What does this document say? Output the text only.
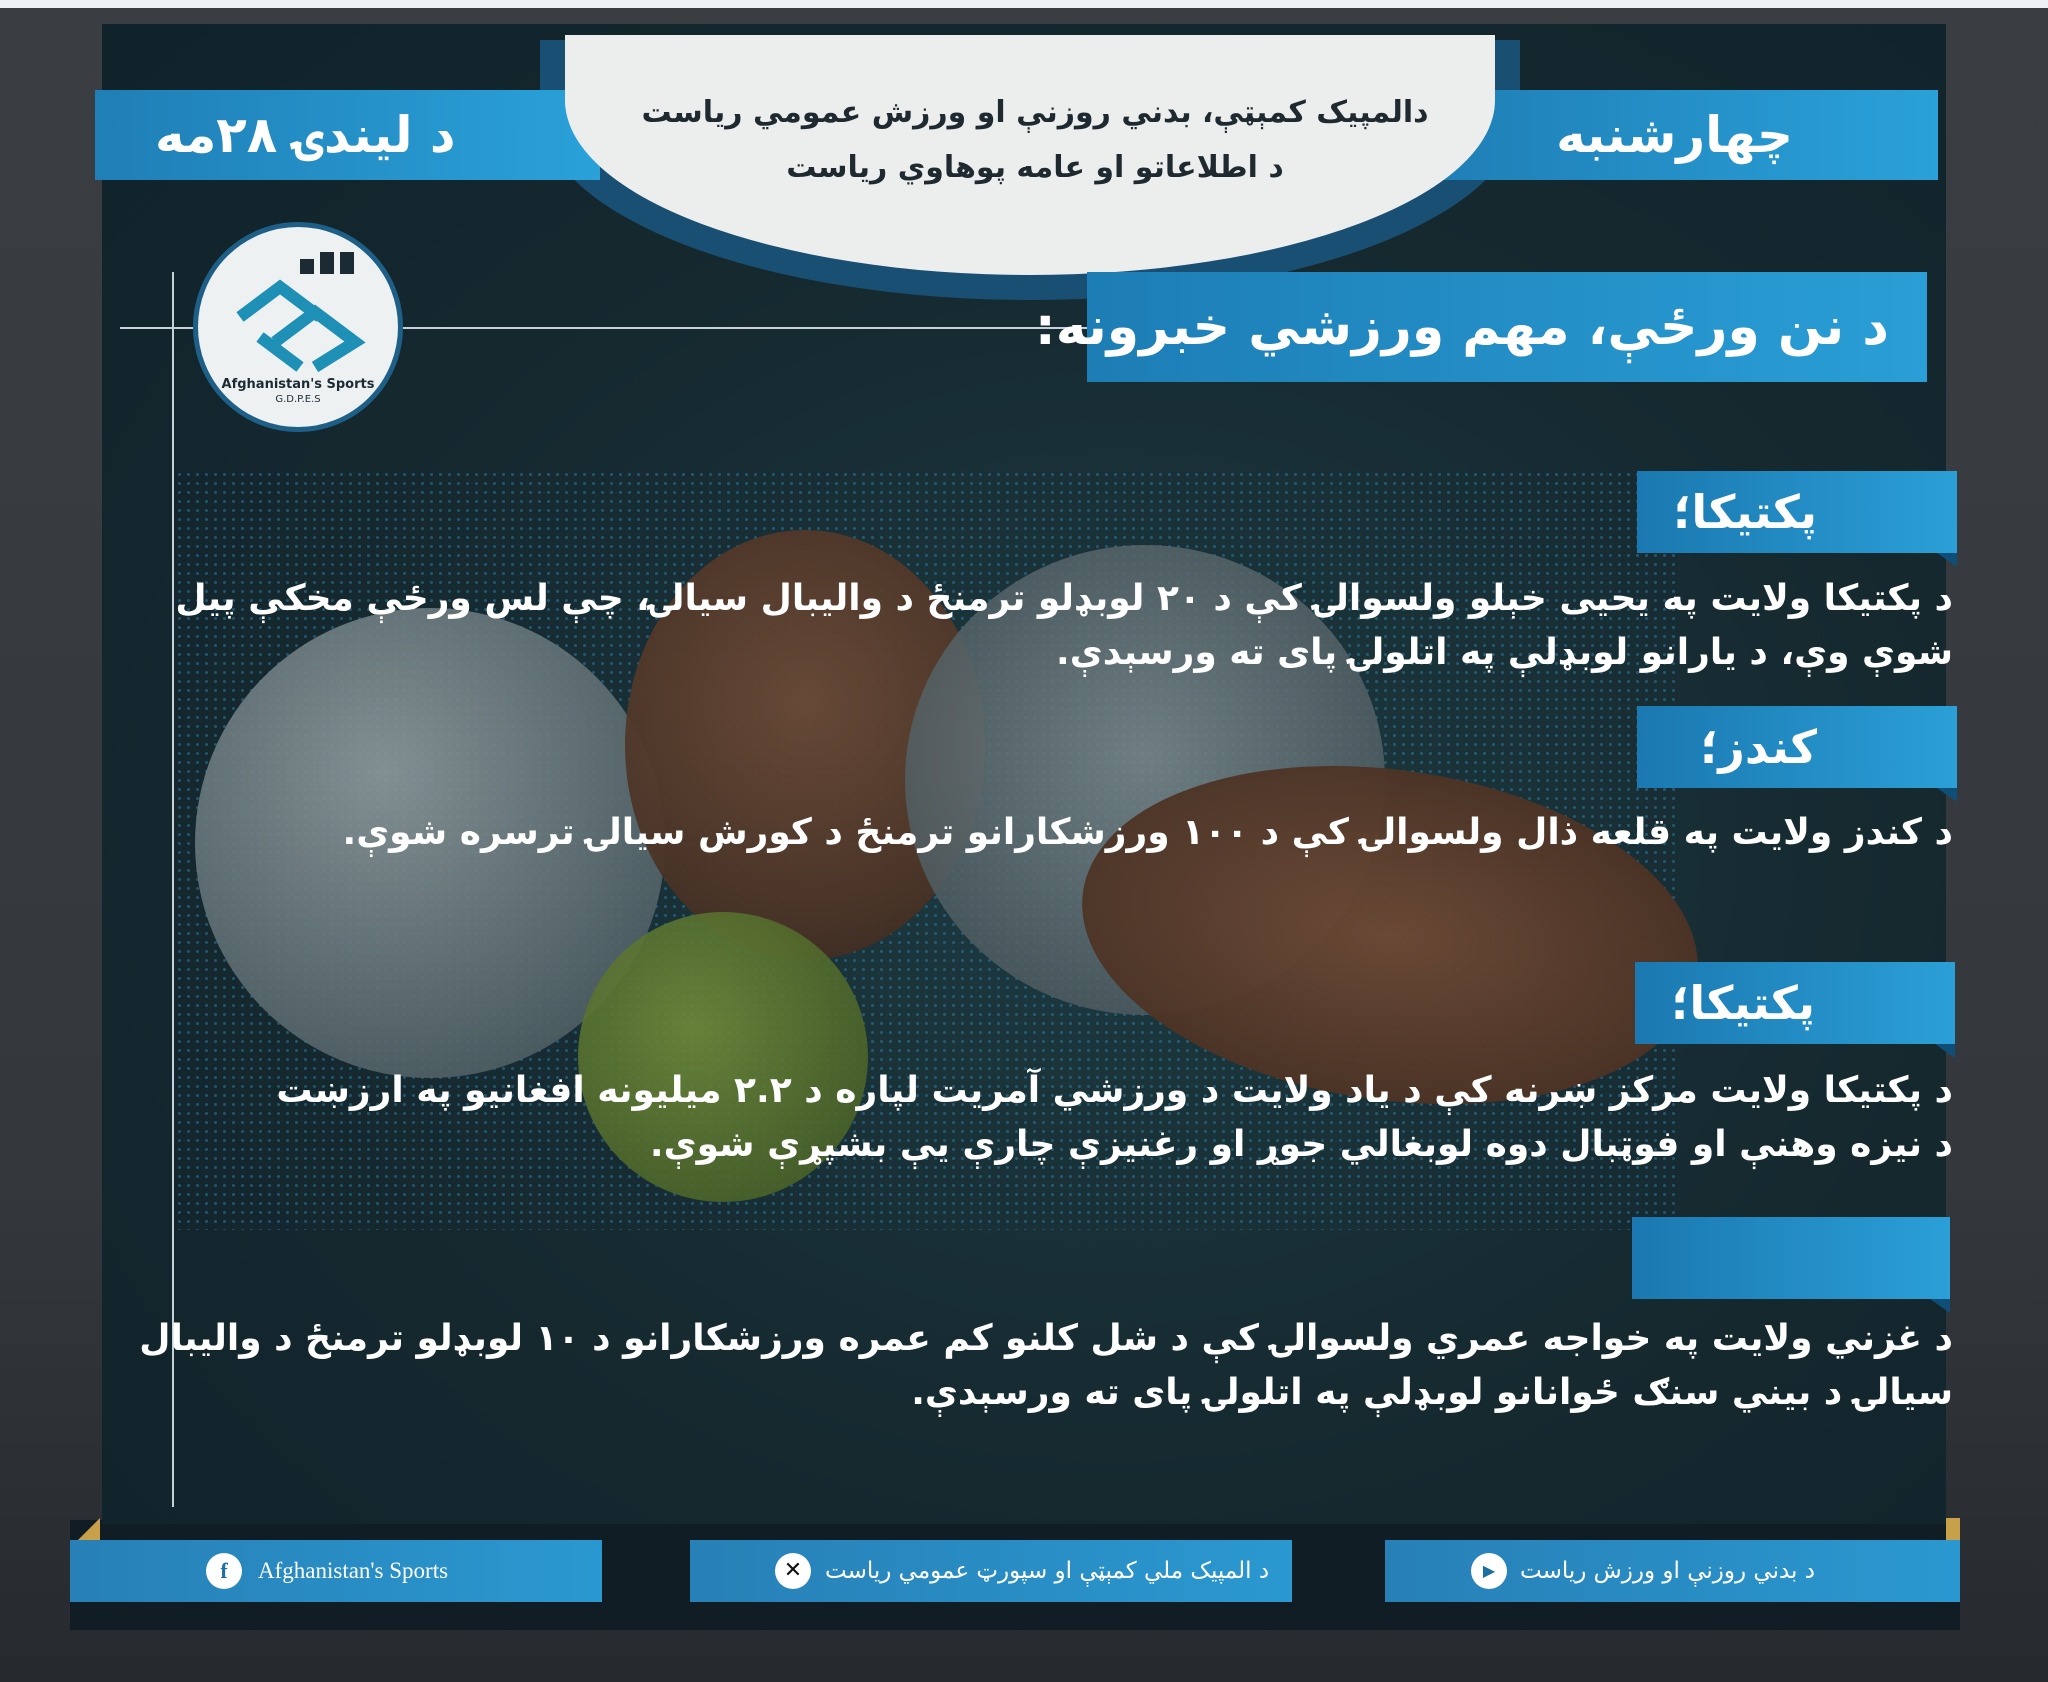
د لیندۍ ۲۸مه	چهارشنبه
دالمپیک کمېټې، بدني روزنې او ورزش عمومي ریاست
د اطلاعاتو او عامه پوهاوي ریاست
Afghanistan's Sports
G.D.P.E.S
د نن ورځې، مهم ورزشي خبرونه:
پکتیکا؛
د پکتیکا ولایت په یحیی خېلو ولسوالۍ کې د ۲۰ لوبډلو ترمنځ د والیبال سیالۍ، چې لس ورځې مخکې پیل
شوې وې، د یارانو لوبډلې په اتلولۍ پای ته ورسېدې.
کندز؛
د کندز ولایت په قلعه ذال ولسوالۍ کې د ۱۰۰ ورزشکارانو ترمنځ د کورش سیالۍ ترسره شوې.
پکتیکا؛
د پکتیکا ولایت مرکز ښرنه کې د یاد ولایت د ورزشي آمریت لپاره د ۲.۲ میلیونه افغانیو په ارزښت
د نیزه وهنې او فوټبال دوه لوبغالي جوړ او رغنیزې چارې یې بشپړې شوې.
د غزني ولایت په خواجه عمري ولسوالۍ کې د شل کلنو کم عمره ورزشکارانو د ۱۰ لوبډلو ترمنځ د والیبال
سیالۍ د بیني سنګ ځوانانو لوبډلې په اتلولۍ پای ته ورسېدې.
f	Afghanistan's Sports	✕ د المپیک ملي کمېټې او سپورټ عمومي ریاست	▶	د بدني روزنې او ورزش ریاست
